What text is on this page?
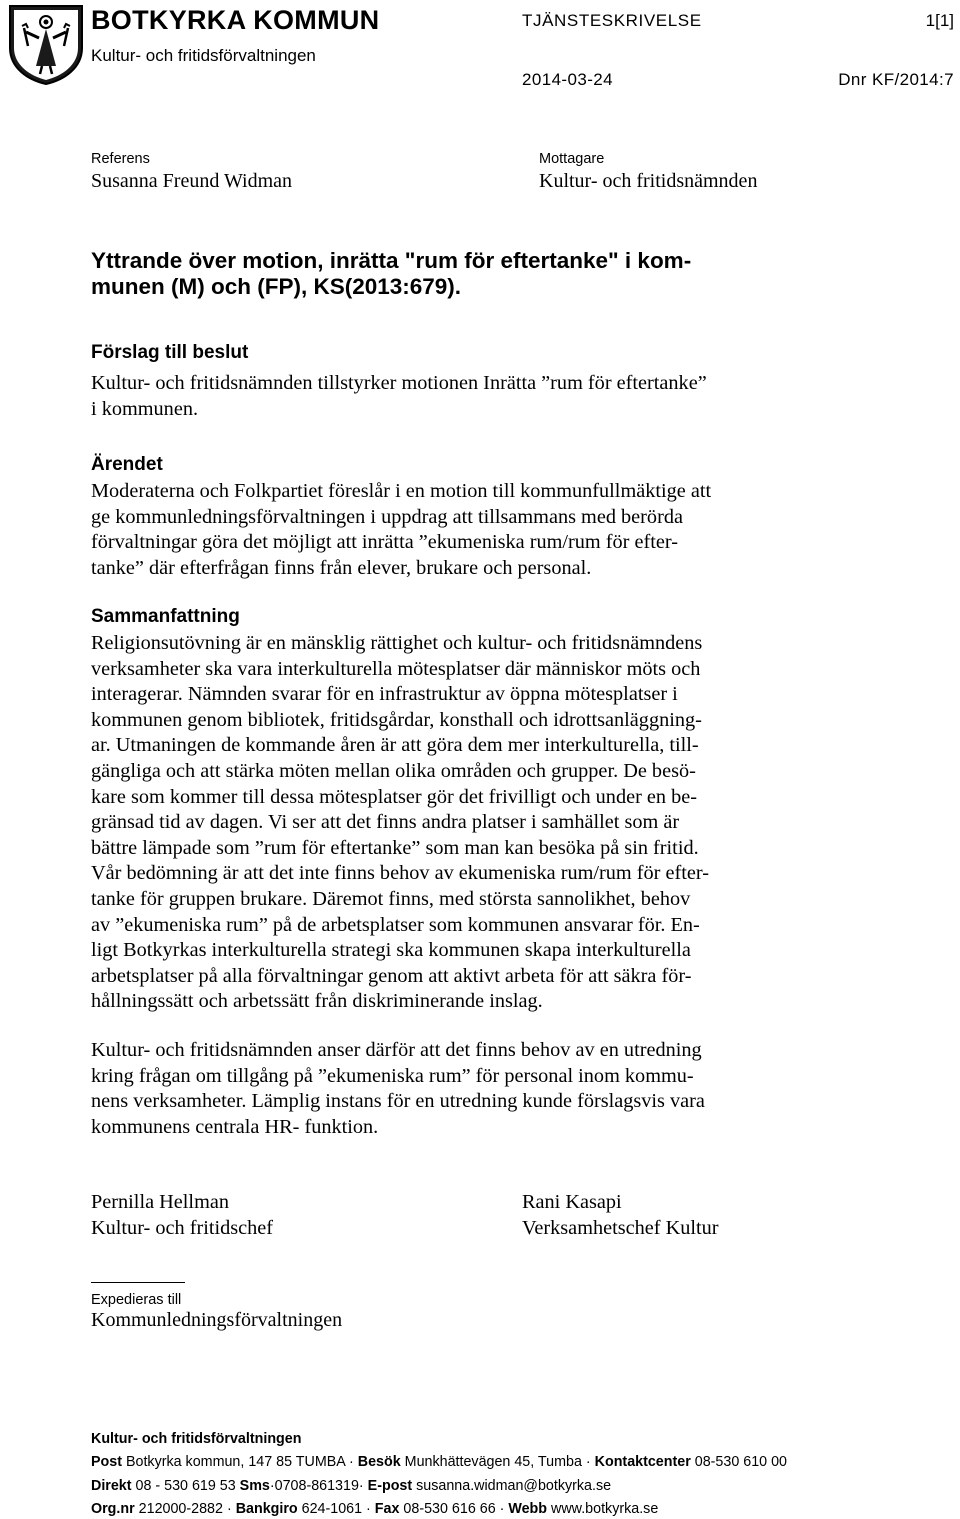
BOTKYRKA KOMMUN
Kultur- och fritidsförvaltningen
TJÄNSTESKRIVELSE	1[1]
2014-03-24	Dnr KF/2014:7
Referens
Susanna Freund Widman
Mottagare
Kultur- och fritidsnämnden
Yttrande över motion, inrätta "rum för eftertanke" i kom-
munen (M) och (FP), KS(2013:679).
Förslag till beslut
Kultur- och fritidsnämnden tillstyrker motionen Inrätta ”rum för eftertanke”
i kommunen.
Ärendet
Moderaterna och Folkpartiet föreslår i en motion till kommunfullmäktige att
ge kommunledningsförvaltningen i uppdrag att tillsammans med berörda
förvaltningar göra det möjligt att inrätta ”ekumeniska rum/rum för efter-
tanke” där efterfrågan finns från elever, brukare och personal.
Sammanfattning
Religionsutövning är en mänsklig rättighet och kultur- och fritidsnämndens
verksamheter ska vara interkulturella mötesplatser där människor möts och
interagerar. Nämnden svarar för en infrastruktur av öppna mötesplatser i
kommunen genom bibliotek, fritidsgårdar, konsthall och idrottsanläggning-
ar. Utmaningen de kommande åren är att göra dem mer interkulturella, till-
gängliga och att stärka möten mellan olika områden och grupper. De besö-
kare som kommer till dessa mötesplatser gör det frivilligt och under en be-
gränsad tid av dagen. Vi ser att det finns andra platser i samhället som är
bättre lämpade som ”rum för eftertanke” som man kan besöka på sin fritid.
Vår bedömning är att det inte finns behov av ekumeniska rum/rum för efter-
tanke för gruppen brukare. Däremot finns, med största sannolikhet, behov
av ”ekumeniska rum” på de arbetsplatser som kommunen ansvarar för. En-
ligt Botkyrkas interkulturella strategi ska kommunen skapa interkulturella
arbetsplatser på alla förvaltningar genom att aktivt arbeta för att säkra för-
hållningssätt och arbetssätt från diskriminerande inslag.
Kultur- och fritidsnämnden anser därför att det finns behov av en utredning
kring frågan om tillgång på ”ekumeniska rum” för personal inom kommu-
nens verksamheter. Lämplig instans för en utredning kunde förslagsvis vara
kommunens centrala HR- funktion.
Pernilla Hellman
Kultur- och fritidschef
Rani Kasapi
Verksamhetschef Kultur
Expedieras till
Kommunledningsförvaltningen
Kultur- och fritidsförvaltningen
Post Botkyrka kommun, 147 85 TUMBA · Besök Munkhättevägen 45, Tumba · Kontaktcenter 08-530 610 00
Direkt 08 - 530 619 53 Sms·0708-861319· E-post susanna.widman@botkyrka.se
Org.nr 212000-2882 · Bankgiro 624-1061 · Fax 08-530 616 66 · Webb www.botkyrka.se
